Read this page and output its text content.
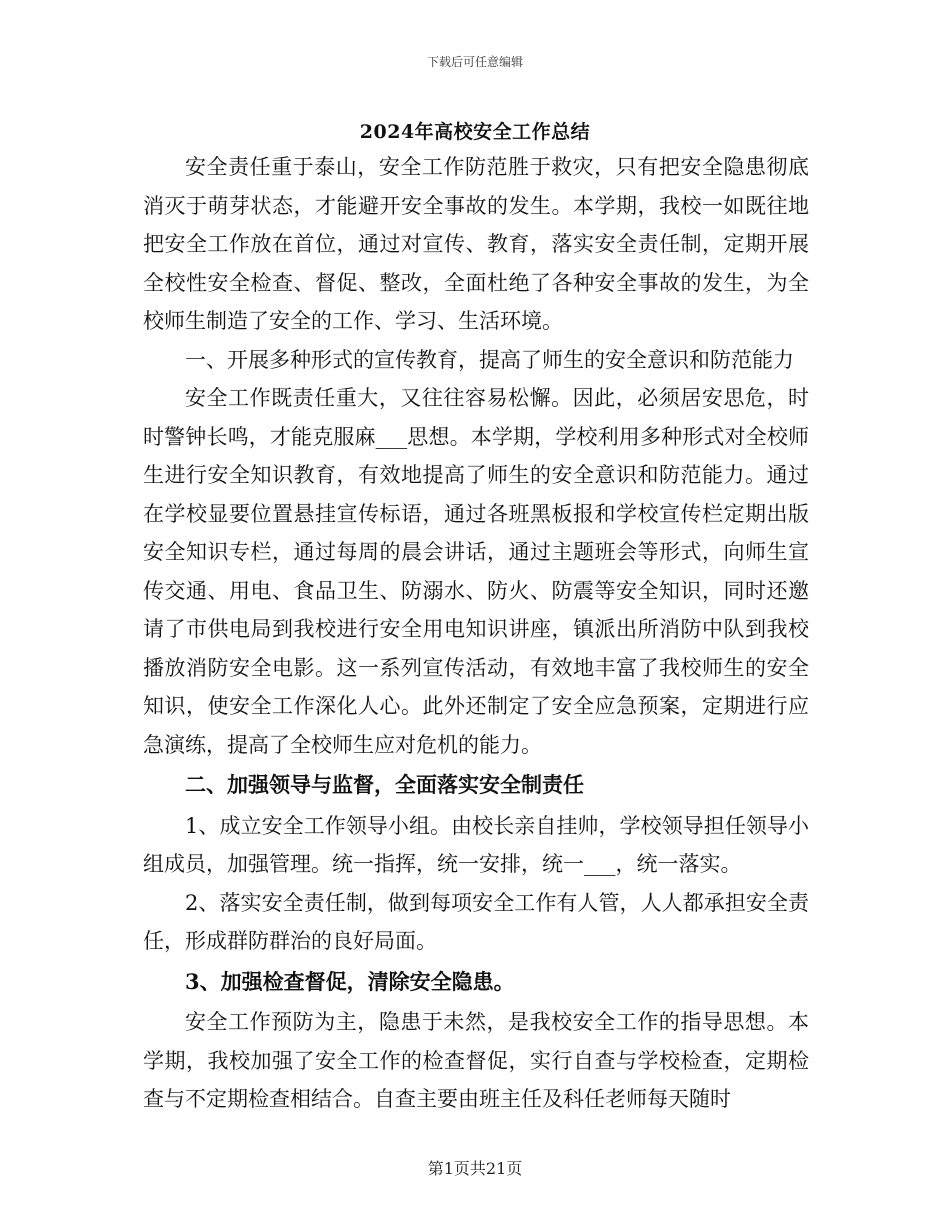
下载后可任意编辑
2024年高校安全工作总结

安全责任重于泰山，安全工作防范胜于救灾，只有把安全隐患彻底消灭于萌芽状态，才能避开安全事故的发生。本学期，我校一如既往地把安全工作放在首位，通过对宣传、教育，落实安全责任制，定期开展全校性安全检查、督促、整改，全面杜绝了各种安全事故的发生，为全校师生制造了安全的工作、学习、生活环境。

一、开展多种形式的宣传教育，提高了师生的安全意识和防范能力

安全工作既责任重大，又往往容易松懈。因此，必须居安思危，时时警钟长鸣，才能克服麻___思想。本学期，学校利用多种形式对全校师生进行安全知识教育，有效地提高了师生的安全意识和防范能力。通过在学校显要位置悬挂宣传标语，通过各班黑板报和学校宣传栏定期出版安全知识专栏，通过每周的晨会讲话，通过主题班会等形式，向师生宣传交通、用电、食品卫生、防溺水、防火、防震等安全知识，同时还邀请了市供电局到我校进行安全用电知识讲座，镇派出所消防中队到我校播放消防安全电影。这一系列宣传活动，有效地丰富了我校师生的安全知识，使安全工作深化人心。此外还制定了安全应急预案，定期进行应急演练，提高了全校师生应对危机的能力。

二、加强领导与监督，全面落实安全制责任

1、成立安全工作领导小组。由校长亲自挂帅，学校领导担任领导小组成员，加强管理。统一指挥，统一安排，统一___，统一落实。

2、落实安全责任制，做到每项安全工作有人管，人人都承担安全责任，形成群防群治的良好局面。

3、加强检查督促，清除安全隐患。

安全工作预防为主，隐患于未然，是我校安全工作的指导思想。本学期，我校加强了安全工作的检查督促，实行自查与学校检查，定期检查与不定期检查相结合。自查主要由班主任及科任老师每天随时

第1页共21页
